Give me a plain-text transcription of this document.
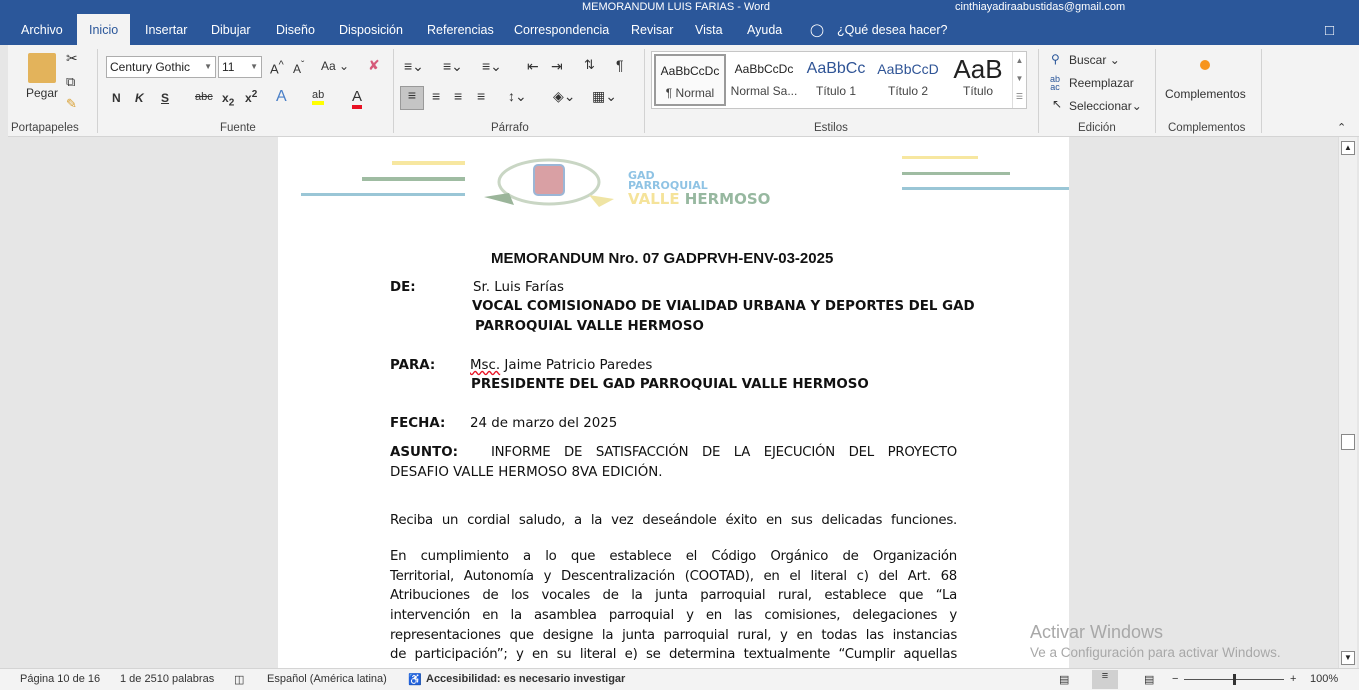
MEMORANDUM LUIS FARIAS - Word	cinthiayadiraabustidas@gmail.com
Archivo	Inicio	Insertar Dibujar Diseño Disposición Referencias Correspondencia Revisar Vista Ayuda ◯ ¿Qué desea hacer?	□
Pegar
✂
⧉
✎
Portapapeles
Century Gothic ▼ 11 ▼ A^ $A^ˇ$ Aa ⌄ ✘
N K S abc $x_2$ $x^2$ A ab A
Fuente
≡⌄ ≡⌄ ≡⌄ ⇤ ⇥ ⇅ ¶
≡	≡ ≡ ≡ ↕⌄ ◈⌄ ▦⌄
Párrafo
AaBbCcDc
¶ Normal
AaBbCcDc
Normal Sa...
AaBbCc
Título 1
AaBbCcD
Título 2
AaB
Título
▲
▼
☰
Estilos
⚲ Buscar ⌄
ab
ac Reemplazar
↖ Seleccionar⌄
Edición
Complementos
Complementos	⌃
GAD
PARROQUIAL
VALLE HERMOSO
MEMORANDUM Nro. 07 GADPRVH-ENV-03-2025
DE:	Sr. Luis Farías
VOCAL COMISIONADO DE VIALIDAD URBANA Y DEPORTES DEL GAD
PARROQUIAL VALLE HERMOSO
PARA:	Msc. Jaime Patricio Paredes
PRESIDENTE DEL GAD PARROQUIAL VALLE HERMOSO
FECHA: 24 de marzo del 2025
ASUNTO: INFORME DE SATISFACCIÓN DE LA EJECUCIÓN DEL PROYECTO
DESAFIO VALLE HERMOSO 8VA EDICIÓN.
Reciba un cordial saludo, a la vez deseándole éxito en sus delicadas funciones.
En cumplimiento a lo que establece el Código Orgánico de Organización
Territorial, Autonomía y Descentralización (COOTAD), en el literal c) del Art. 68
Atribuciones de los vocales de la junta parroquial rural, establece que “La
intervención en la asamblea parroquial y en las comisiones, delegaciones y
representaciones que designe la junta parroquial rural, y en todas las instancias
de participación”; y en su literal e) se determina textualmente “Cumplir aquellas
▲
▼
Activar Windows
Ve a Configuración para activar Windows.
Página 10 de 16 1 de 2510 palabras ◫ Español (América latina) ♿ Accesibilidad: es necesario investigar	▤	≡	▤ −	+ 100%
